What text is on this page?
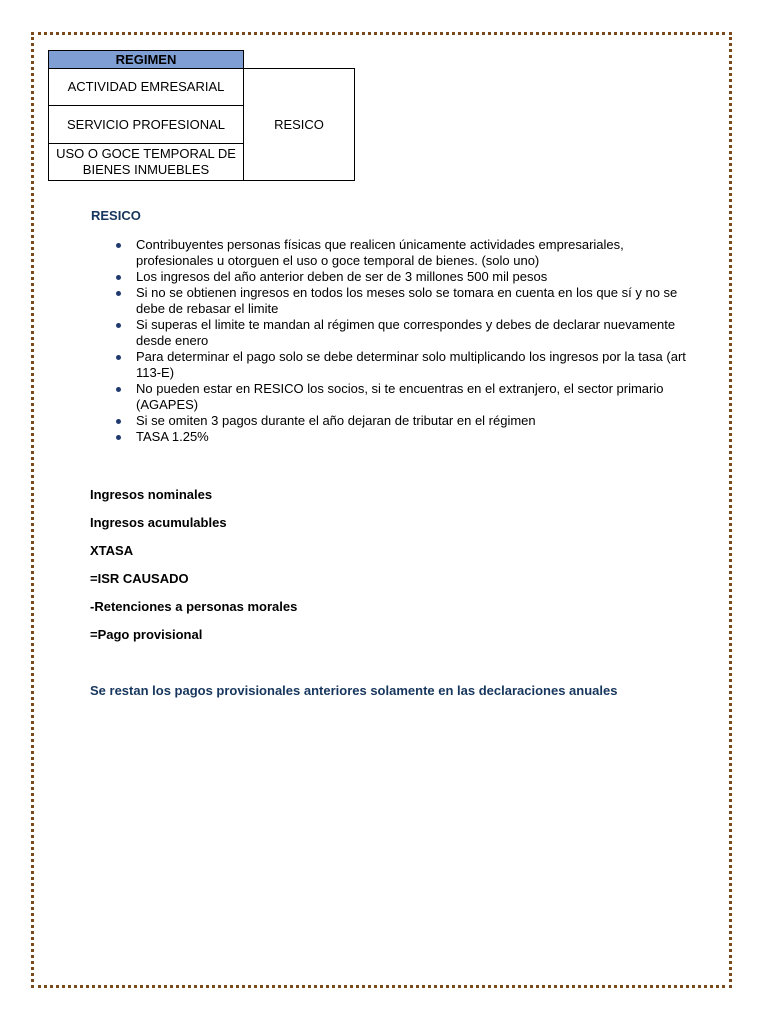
REGIMEN	
ACTIVIDAD EMRESARIAL	RESICO
SERVICIO PROFESIONAL	
USO O GOCE TEMPORAL DE BIENES INMUEBLES	
RESICO
Contribuyentes personas físicas que realicen únicamente actividades empresariales, profesionales u otorguen el uso o goce temporal de bienes. (solo uno)
Los ingresos del año anterior deben de ser de 3 millones 500 mil pesos
Si no se obtienen ingresos en todos los meses solo se tomara en cuenta en los que sí y no se debe de rebasar el limite
Si superas el limite te mandan al régimen que correspondes y debes de declarar nuevamente desde enero
Para determinar el pago solo se debe determinar solo multiplicando los ingresos por la tasa (art 113-E)
No pueden estar en RESICO los socios, si te encuentras en el extranjero, el sector primario (AGAPES)
Si se omiten 3 pagos durante el año dejaran de tributar en el régimen
TASA 1.25%

Ingresos nominales

Ingresos acumulables

XTASA

=ISR CAUSADO

-Retenciones a personas morales

=Pago provisional

Se restan los pagos provisionales anteriores solamente en las declaraciones anuales
